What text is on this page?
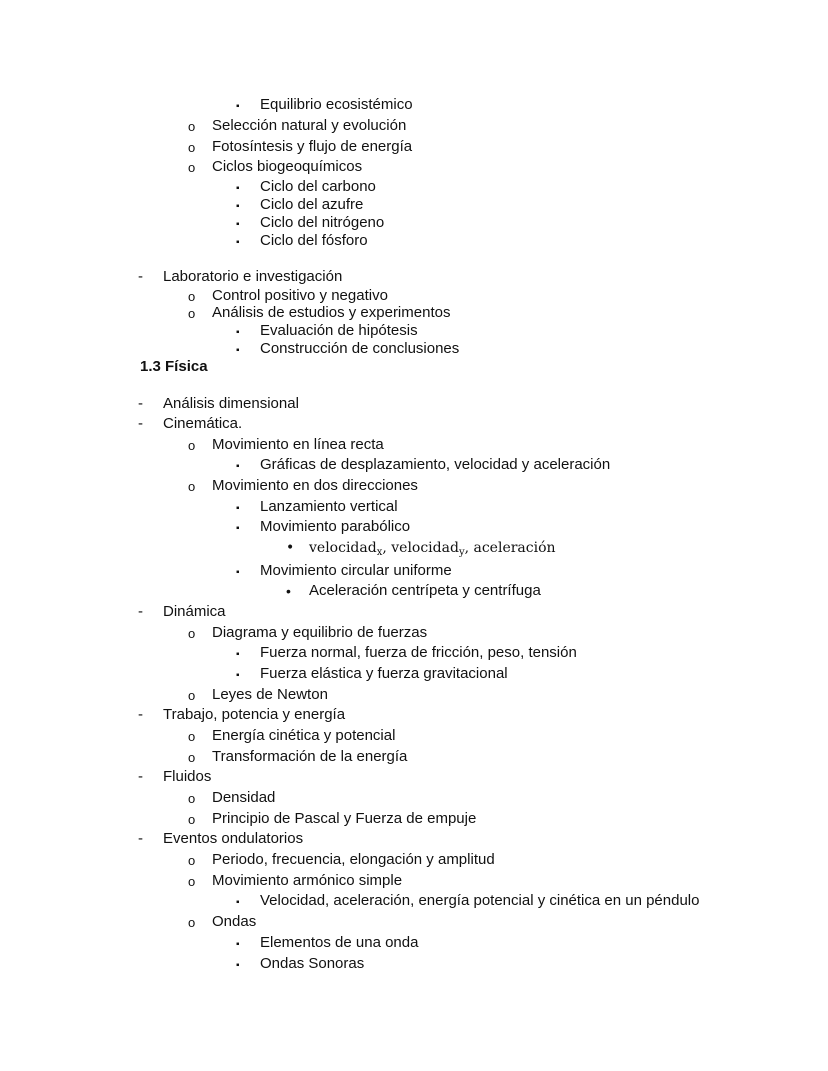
▪ Equilibrio ecosistémico
o Selección natural y evolución
o Fotosíntesis y flujo de energía
o Ciclos biogeoquímicos
▪ Ciclo del carbono
▪ Ciclo del azufre
▪ Ciclo del nitrógeno
▪ Ciclo del fósforo
- Laboratorio e investigación
o Control positivo y negativo
o Análisis de estudios y experimentos
▪ Evaluación de hipótesis
▪ Construcción de conclusiones
1.3 Física
- Análisis dimensional
- Cinemática.
o Movimiento en línea recta
▪ Gráficas de desplazamiento, velocidad y aceleración
o Movimiento en dos direcciones
▪ Lanzamiento vertical
▪ Movimiento parabólico
• velocidad$_x$, velocidad$_y$, aceleración
▪ Movimiento circular uniforme
• Aceleración centrípeta y centrífuga
- Dinámica
o Diagrama y equilibrio de fuerzas
▪ Fuerza normal, fuerza de fricción, peso, tensión
▪ Fuerza elástica y fuerza gravitacional
o Leyes de Newton
- Trabajo, potencia y energía
o Energía cinética y potencial
o Transformación de la energía
- Fluidos
o Densidad
o Principio de Pascal y Fuerza de empuje
- Eventos ondulatorios
o Periodo, frecuencia, elongación y amplitud
o Movimiento armónico simple
▪ Velocidad, aceleración, energía potencial y cinética en un péndulo
o Ondas
▪ Elementos de una onda
▪ Ondas Sonoras
